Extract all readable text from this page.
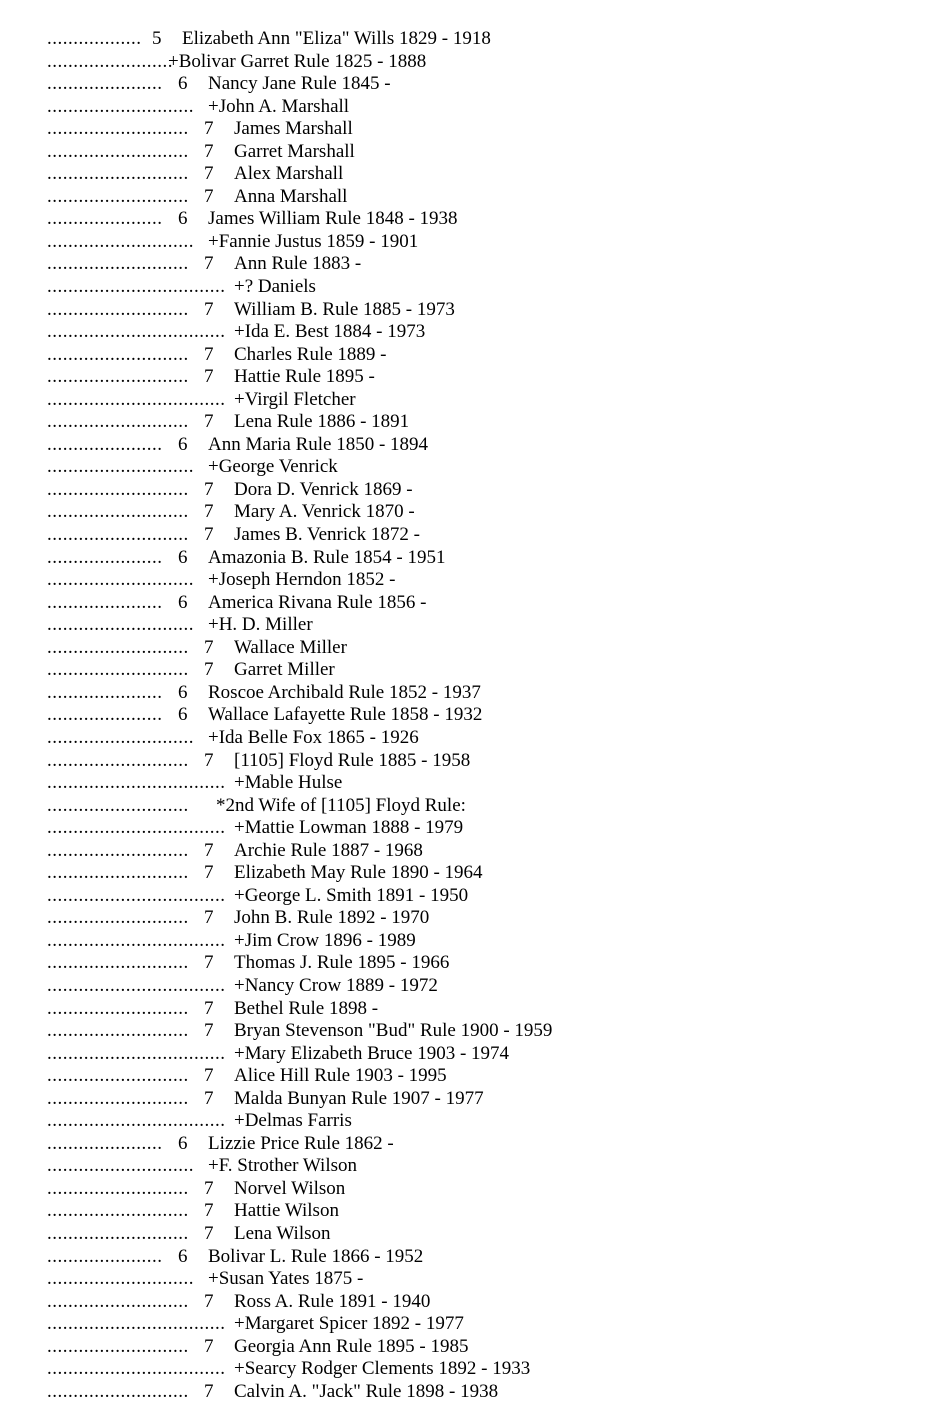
.................. 5 Elizabeth Ann "Eliza" Wills 1829 - 1918
........................
+Bolivar Garret Rule 1825 - 1888
...................... 6 Nancy Jane Rule 1845 -
............................ +John A. Marshall
........................... 7 James Marshall
........................... 7 Garret Marshall
........................... 7 Alex Marshall
........................... 7 Anna Marshall
...................... 6 James William Rule 1848 - 1938
............................ +Fannie Justus 1859 - 1901
........................... 7 Ann Rule 1883 -
.................................. +? Daniels
........................... 7 William B. Rule 1885 - 1973
.................................. +Ida E. Best 1884 - 1973
........................... 7 Charles Rule 1889 -
........................... 7 Hattie Rule 1895 -
.................................. +Virgil Fletcher
........................... 7 Lena Rule 1886 - 1891
...................... 6 Ann Maria Rule 1850 - 1894
............................ +George Venrick
........................... 7 Dora D. Venrick 1869 -
........................... 7 Mary A. Venrick 1870 -
........................... 7 James B. Venrick 1872 -
...................... 6 Amazonia B. Rule 1854 - 1951
............................ +Joseph Herndon 1852 -
...................... 6 America Rivana Rule 1856 -
............................ +H. D. Miller
........................... 7 Wallace Miller
........................... 7 Garret Miller
...................... 6 Roscoe Archibald Rule 1852 - 1937
...................... 6 Wallace Lafayette Rule 1858 - 1932
............................ +Ida Belle Fox 1865 - 1926
........................... 7 [1105] Floyd Rule 1885 - 1958
.................................. +Mable Hulse
........................... *2nd Wife of [1105] Floyd Rule:
.................................. +Mattie Lowman 1888 - 1979
........................... 7 Archie Rule 1887 - 1968
........................... 7 Elizabeth May Rule 1890 - 1964
.................................. +George L. Smith 1891 - 1950
........................... 7 John B. Rule 1892 - 1970
.................................. +Jim Crow 1896 - 1989
........................... 7 Thomas J. Rule 1895 - 1966
.................................. +Nancy Crow 1889 - 1972
........................... 7 Bethel Rule 1898 -
........................... 7 Bryan Stevenson "Bud" Rule 1900 - 1959
.................................. +Mary Elizabeth Bruce 1903 - 1974
........................... 7 Alice Hill Rule 1903 - 1995
........................... 7 Malda Bunyan Rule 1907 - 1977
.................................. +Delmas Farris
...................... 6 Lizzie Price Rule 1862 -
............................ +F. Strother Wilson
........................... 7 Norvel Wilson
........................... 7 Hattie Wilson
........................... 7 Lena Wilson
...................... 6 Bolivar L. Rule 1866 - 1952
............................ +Susan Yates 1875 -
........................... 7 Ross A. Rule 1891 - 1940
.................................. +Margaret Spicer 1892 - 1977
........................... 7 Georgia Ann Rule 1895 - 1985
.................................. +Searcy Rodger Clements 1892 - 1933
........................... 7 Calvin A. "Jack" Rule 1898 - 1938
